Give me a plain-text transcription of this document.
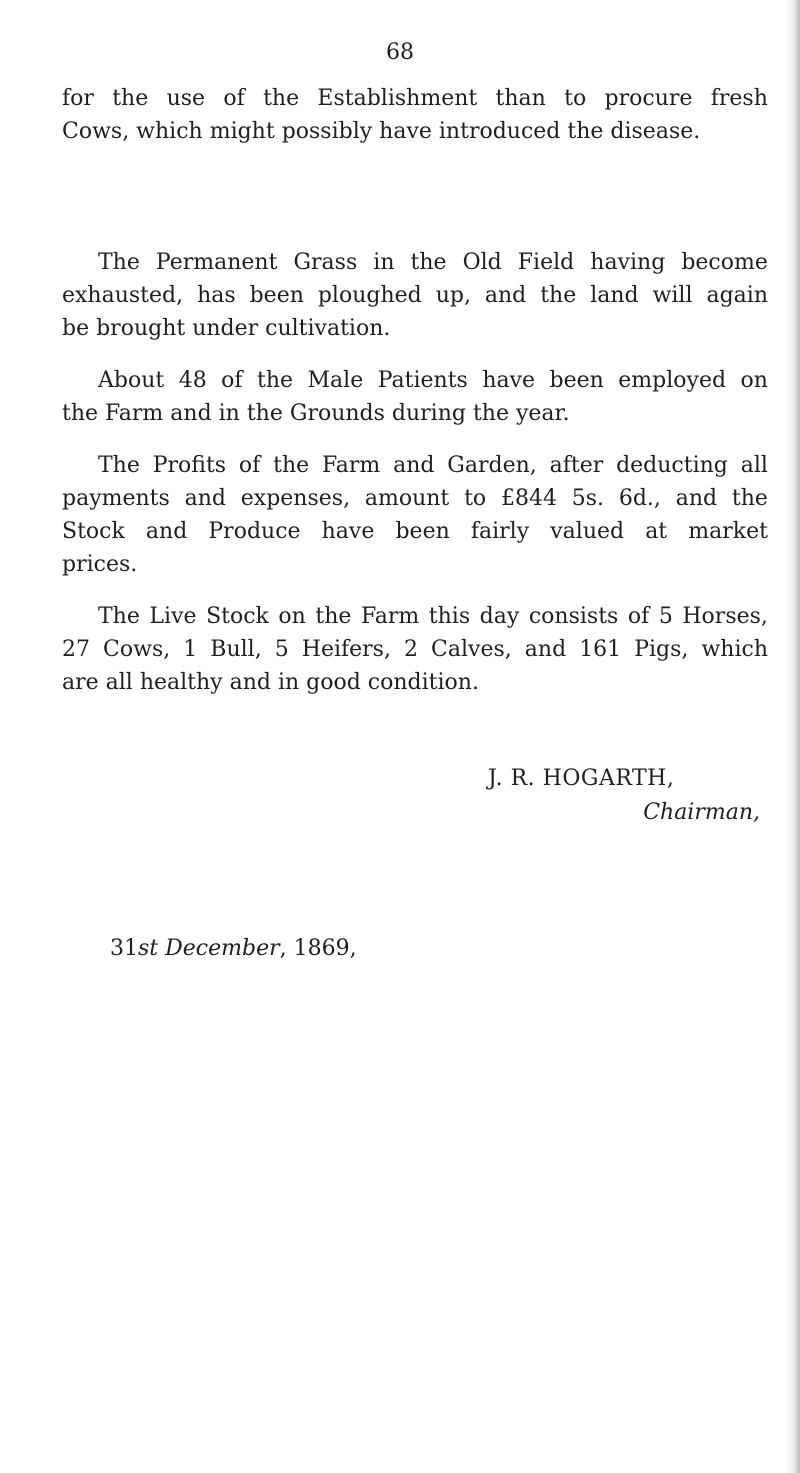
68
for the use of the Establishment than to procure fresh
Cows, which might possibly have introduced the disease.
The Permanent Grass in the Old Field having become
exhausted, has been ploughed up, and the land will again
be brought under cultivation.
About 48 of the Male Patients have been employed on
the Farm and in the Grounds during the year.
The Profits of the Farm and Garden, after deducting all
payments and expenses, amount to £844 5s. 6d., and the
Stock and Produce have been fairly valued at market
prices.
The Live Stock on the Farm this day consists of 5 Horses,
27 Cows, 1 Bull, 5 Heifers, 2 Calves, and 161 Pigs, which
are all healthy and in good condition.
J. R. HOGARTH,
Chairman,
31st December, 1869,
